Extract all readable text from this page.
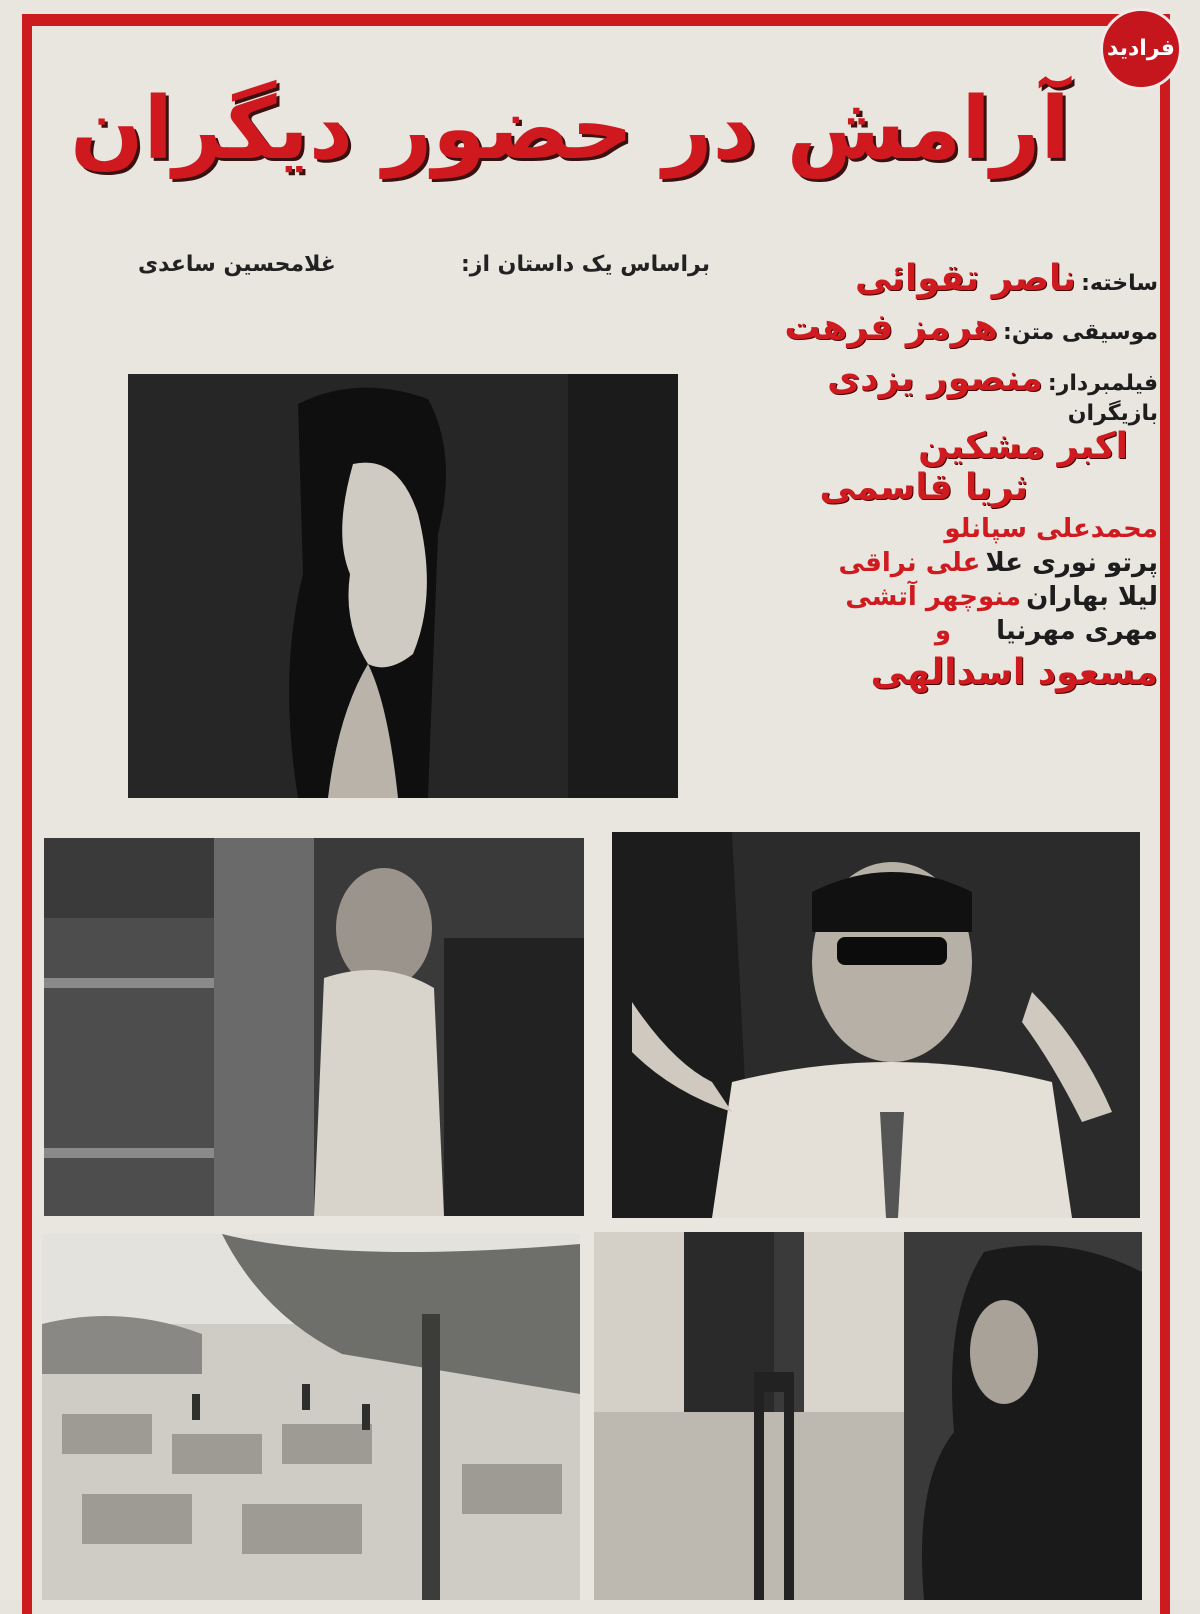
فرادید
آرامش در حضور دیگران
براساس یک داستان از:
غلامحسین ساعدی
ساخته: ناصر تقوائی
موسیقی متن: هرمز فرهت
فیلمبردار: منصور یزدی
بازیگران
اکبر مشکین
ثریا قاسمی
محمدعلی سپانلو
پرتو نوری علا علی نراقی
لیلا بهاران منوچهر آتشی
مهری مهرنیا و
مسعود اسدالهی
